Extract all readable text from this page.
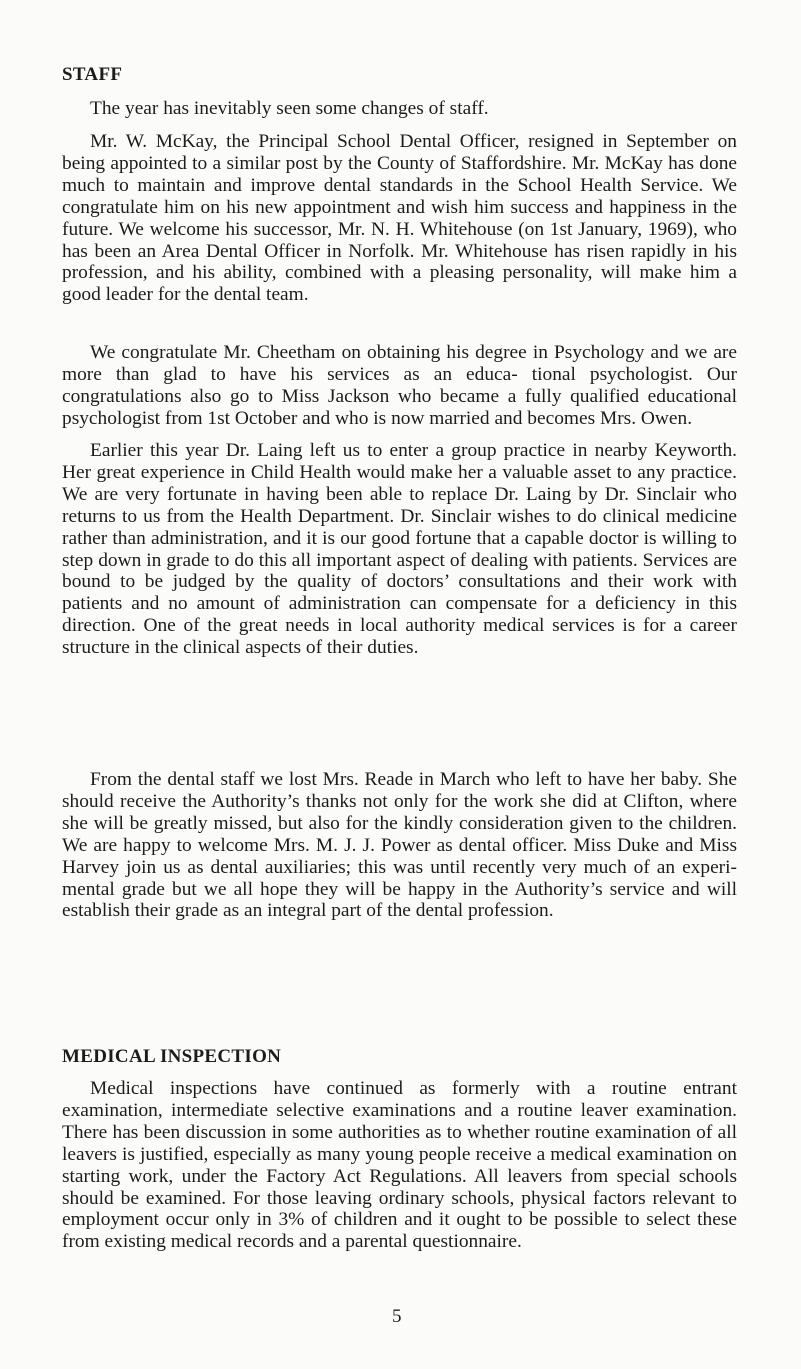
STAFF

The year has inevitably seen some changes of staff.

Mr. W. McKay, the Principal School Dental Officer, resigned in September on being appointed to a similar post by the County of Staffordshire. Mr. McKay has done much to maintain and improve dental standards in the School Health Service. We congratulate him on his new appointment and wish him success and happiness in the future. We welcome his successor, Mr. N. H. Whitehouse (on 1st January, 1969), who has been an Area Dental Officer in Norfolk. Mr. Whitehouse has risen rapidly in his profession, and his ability, combined with a pleasing personality, will make him a good leader for the dental team.

We congratulate Mr. Cheetham on obtaining his degree in Psychology and we are more than glad to have his services as an educa- tional psychologist. Our congratulations also go to Miss Jackson who became a fully qualified educational psychologist from 1st October and who is now married and becomes Mrs. Owen.

Earlier this year Dr. Laing left us to enter a group practice in nearby Keyworth. Her great experience in Child Health would make her a valuable asset to any practice. We are very fortunate in having been able to replace Dr. Laing by Dr. Sinclair who returns to us from the Health Department. Dr. Sinclair wishes to do clinical medicine rather than administration, and it is our good fortune that a capable doctor is willing to step down in grade to do this all important aspect of dealing with patients. Services are bound to be judged by the quality of doctors’ consultations and their work with patients and no amount of administration can compensate for a deficiency in this direction. One of the great needs in local authority medical services is for a career structure in the clinical aspects of their duties.

From the dental staff we lost Mrs. Reade in March who left to have her baby. She should receive the Authority’s thanks not only for the work she did at Clifton, where she will be greatly missed, but also for the kindly consideration given to the children. We are happy to welcome Mrs. M. J. J. Power as dental officer. Miss Duke and Miss Harvey join us as dental auxiliaries; this was until recently very much of an experi- mental grade but we all hope they will be happy in the Authority’s service and will establish their grade as an integral part of the dental profession.

MEDICAL INSPECTION

Medical inspections have continued as formerly with a routine entrant examination, intermediate selective examinations and a routine leaver examination. There has been discussion in some authorities as to whether routine examination of all leavers is justified, especially as many young people receive a medical examination on starting work, under the Factory Act Regulations. All leavers from special schools should be examined. For those leaving ordinary schools, physical factors relevant to employment occur only in 3% of children and it ought to be possible to select these from existing medical records and a parental questionnaire.

5
